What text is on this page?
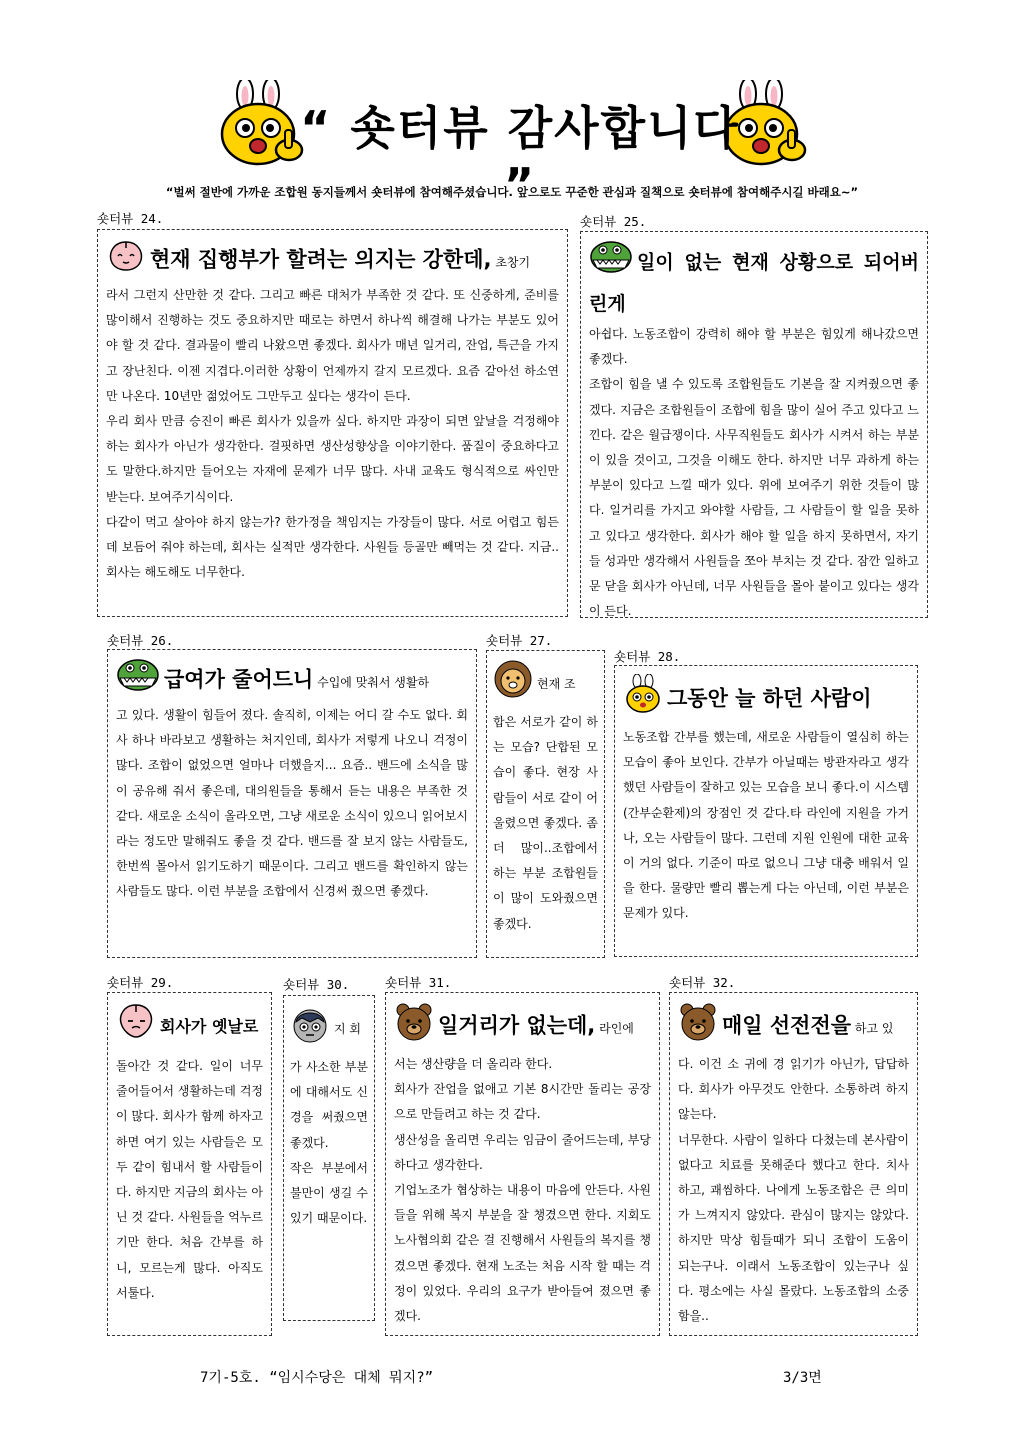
“ 숏터뷰 감사합니다 ”
“벌써 절반에 가까운 조합원 동지들께서 숏터뷰에 참여해주셨습니다. 앞으로도 꾸준한 관심과 질책으로 숏터뷰에 참여해주시길 바래요~”
숏터뷰 24.
현재 집행부가 할려는 의지는 강한데, 초창기

라서 그런지 산만한 것 같다. 그리고 빠른 대처가 부족한 것 같다. 또 신중하게, 준비를 많이해서 진행하는 것도 중요하지만 때로는 하면서 하나씩 해결해 나가는 부분도 있어야 할 것 같다. 결과물이 빨리 나왔으면 좋겠다. 회사가 매년 일거리, 잔업, 특근을 가지고 장난친다. 이젠 지겹다.이러한 상황이 언제까지 갈지 모르겠다. 요즘 같아선 하소연만 나온다. 10년만 젊었어도 그만두고 싶다는 생각이 든다.

우리 회사 만큼 승진이 빠른 회사가 있을까 싶다. 하지만 과장이 되면 앞날을 걱정해야하는 회사가 아닌가 생각한다. 걸핏하면 생산성향상을 이야기한다. 품질이 중요하다고도 말한다.하지만 들어오는 자재에 문제가 너무 많다. 사내 교육도 형식적으로 싸인만 받는다. 보여주기식이다.

다같이 먹고 살아야 하지 않는가? 한가정을 책임지는 가장들이 많다. 서로 어렵고 힘든데 보듬어 줘야 하는데, 회사는 실적만 생각한다. 사원들 등골만 빼먹는 것 같다. 지금.. 회사는 해도해도 너무한다.

숏터뷰 25.
일이 없는 현재 상황으로 되어버린게

아쉽다. 노동조합이 강력히 해야 할 부분은 힘있게 해나갔으면 좋겠다.

조합이 힘을 낼 수 있도록 조합원들도 기본을 잘 지켜줬으면 좋겠다. 지금은 조합원들이 조합에 힘을 많이 실어 주고 있다고 느낀다. 같은 월급쟁이다. 사무직원들도 회사가 시켜서 하는 부분이 있을 것이고, 그것을 이해도 한다. 하지만 너무 과하게 하는 부분이 있다고 느낄 때가 있다. 위에 보여주기 위한 것들이 많다. 일거리를 가지고 와야할 사람들, 그 사람들이 할 일을 못하고 있다고 생각한다. 회사가 해야 할 일을 하지 못하면서, 자기들 성과만 생각해서 사원들을 쪼아 부치는 것 같다. 잠깐 일하고 문 닫을 회사가 아닌데, 너무 사원들을 몰아 붙이고 있다는 생각이 든다.

숏터뷰 26.
급여가 줄어드니 수입에 맞춰서 생활하

고 있다. 생활이 힘들어 졌다. 솔직히, 이제는 어디 갈 수도 없다. 회사 하나 바라보고 생활하는 처지인데, 회사가 저렇게 나오니 걱정이 많다. 조합이 없었으면 얼마나 더했을지... 요즘.. 밴드에 소식을 많이 공유해 줘서 좋은데, 대의원들을 통해서 듣는 내용은 부족한 것 같다. 새로운 소식이 올라오면, 그냥 새로운 소식이 있으니 읽어보시라는 정도만 말해줘도 좋을 것 같다. 밴드를 잘 보지 않는 사람들도, 한번씩 몰아서 읽기도하기 때문이다. 그리고 밴드를 확인하지 않는 사람들도 많다. 이런 부분을 조합에서 신경써 줬으면 좋겠다.

숏터뷰 27.
현재 조

합은 서로가 같이 하는 모습? 단합된 모습이 좋다. 현장 사람들이 서로 같이 어울렸으면 좋겠다. 좀 더 많이..조합에서 하는 부분 조합원들이 많이 도와줬으면 좋겠다.

숏터뷰 28.
그동안 늘 하던 사람이

노동조합 간부를 했는데, 새로운 사람들이 열심히 하는 모습이 좋아 보인다. 간부가 아닐때는 방관자라고 생각했던 사람들이 잘하고 있는 모습을 보니 좋다.이 시스템(간부순환제)의 장점인 것 같다.타 라인에 지원을 가거나, 오는 사람들이 많다. 그런데 지원 인원에 대한 교육이 거의 없다. 기준이 따로 없으니 그냥 대충 배워서 일을 한다. 물량만 빨리 뽑는게 다는 아닌데, 이런 부분은 문제가 있다.

숏터뷰 29.
회사가 옛날로

돌아간 것 같다. 일이 너무 줄어들어서 생활하는데 걱정이 많다. 회사가 함께 하자고 하면 여기 있는 사람들은 모두 같이 힘내서 할 사람들이다. 하지만 지금의 회사는 아닌 것 같다. 사원들을 억누르기만 한다. 처음 간부를 하니, 모르는게 많다. 아직도 서툴다.

숏터뷰 30.
지 회

가 사소한 부분에 대해서도 신경을 써줬으면 좋겠다.

작은 부분에서 불만이 생길 수 있기 때문이다.

숏터뷰 31.
일거리가 없는데, 라인에

서는 생산량을 더 올리라 한다.

회사가 잔업을 없애고 기본 8시간만 돌리는 공장으로 만들려고 하는 것 같다.

생산성을 올리면 우리는 임금이 줄어드는데, 부당하다고 생각한다.

기업노조가 협상하는 내용이 마음에 안든다. 사원들을 위해 복지 부분을 잘 챙겼으면 한다. 지회도 노사협의회 같은 걸 진행해서 사원들의 복지를 챙겼으면 좋겠다. 현재 노조는 처음 시작 할 때는 걱정이 있었다. 우리의 요구가 받아들여 졌으면 좋겠다.

숏터뷰 32.
매일 선전전을 하고 있

다. 이건 소 귀에 경 읽기가 아닌가, 답답하다. 회사가 아무것도 안한다. 소통하려 하지 않는다.

너무한다. 사람이 일하다 다쳤는데 본사람이 없다고 치료를 못해준다 했다고 한다. 치사하고, 괘씸하다. 나에게 노동조합은 큰 의미가 느껴지지 않았다. 관심이 많지는 않았다. 하지만 막상 힘들때가 되니 조합이 도움이 되는구나. 이래서 노동조합이 있는구나 싶다. 평소에는 사실 몰랐다. 노동조합의 소중함을..

7기-5호. “임시수당은 대체 뭐지?”	3/3면
